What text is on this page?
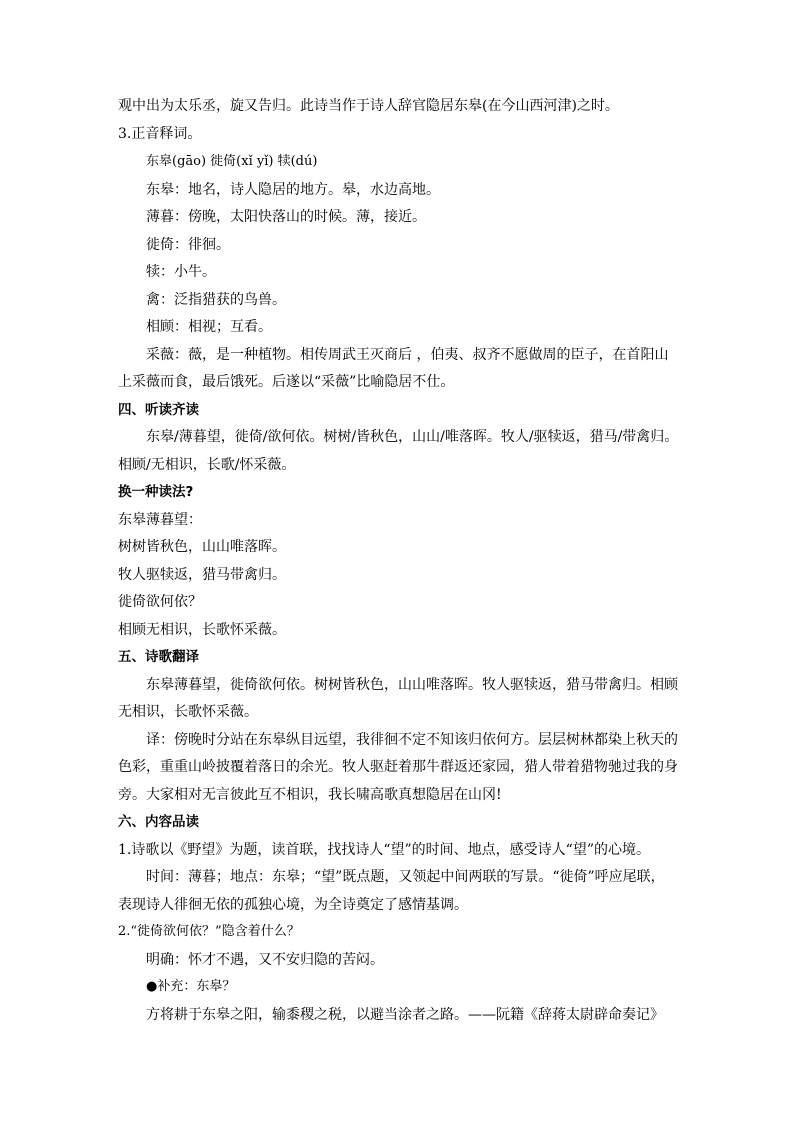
观中出为太乐丞，旋又告归。此诗当作于诗人辞官隐居东皋(在今山西河津)之时。
3.正音释词。
东皋(gāo) 徙倚(xǐ yǐ) 犊(dú)
东皋：地名，诗人隐居的地方。皋，水边高地。
薄暮：傍晚，太阳快落山的时候。薄，接近。
徙倚：徘徊。
犊：小牛。
禽：泛指猎获的鸟兽。
相顾：相视；互看。
采薇：薇，是一种植物。相传周武王灭商后 ，伯夷、叔齐不愿做周的臣子，在首阳山
上采薇而食，最后饿死。后遂以“采薇”比喻隐居不仕。
四、听读齐读
东皋/薄暮望，徙倚/欲何依。树树/皆秋色，山山/唯落晖。牧人/驱犊返，猎马/带禽归。
相顾/无相识，长歌/怀采薇。
换一种读法?
东皋薄暮望：
树树皆秋色，山山唯落晖。
牧人驱犊返，猎马带禽归。
徙倚欲何依？
相顾无相识，长歌怀采薇。
五、诗歌翻译
东皋薄暮望，徙倚欲何依。树树皆秋色，山山唯落晖。牧人驱犊返，猎马带禽归。相顾
无相识，长歌怀采薇。
译：傍晚时分站在东皋纵目远望，我徘徊不定不知该归依何方。层层树林都染上秋天的
色彩，重重山岭披覆着落日的余光。牧人驱赶着那牛群返还家园，猎人带着猎物驰过我的身
旁。大家相对无言彼此互不相识，我长啸高歌真想隐居在山冈!
六、内容品读
1.诗歌以《野望》为题，读首联，找找诗人“望”的时间、地点，感受诗人“望”的心境。
时间：薄暮；地点：东皋；“望”既点题，又领起中间两联的写景。“徙倚”呼应尾联，
表现诗人徘徊无依的孤独心境，为全诗奠定了感情基调。
2.“徙倚欲何依？”隐含着什么？
明确：怀才不遇，又不安归隐的苦闷。
●补充：东皋？
方将耕于东皋之阳，输黍稷之税，以避当涂者之路。——阮籍《辞蒋太尉辟命奏记》
